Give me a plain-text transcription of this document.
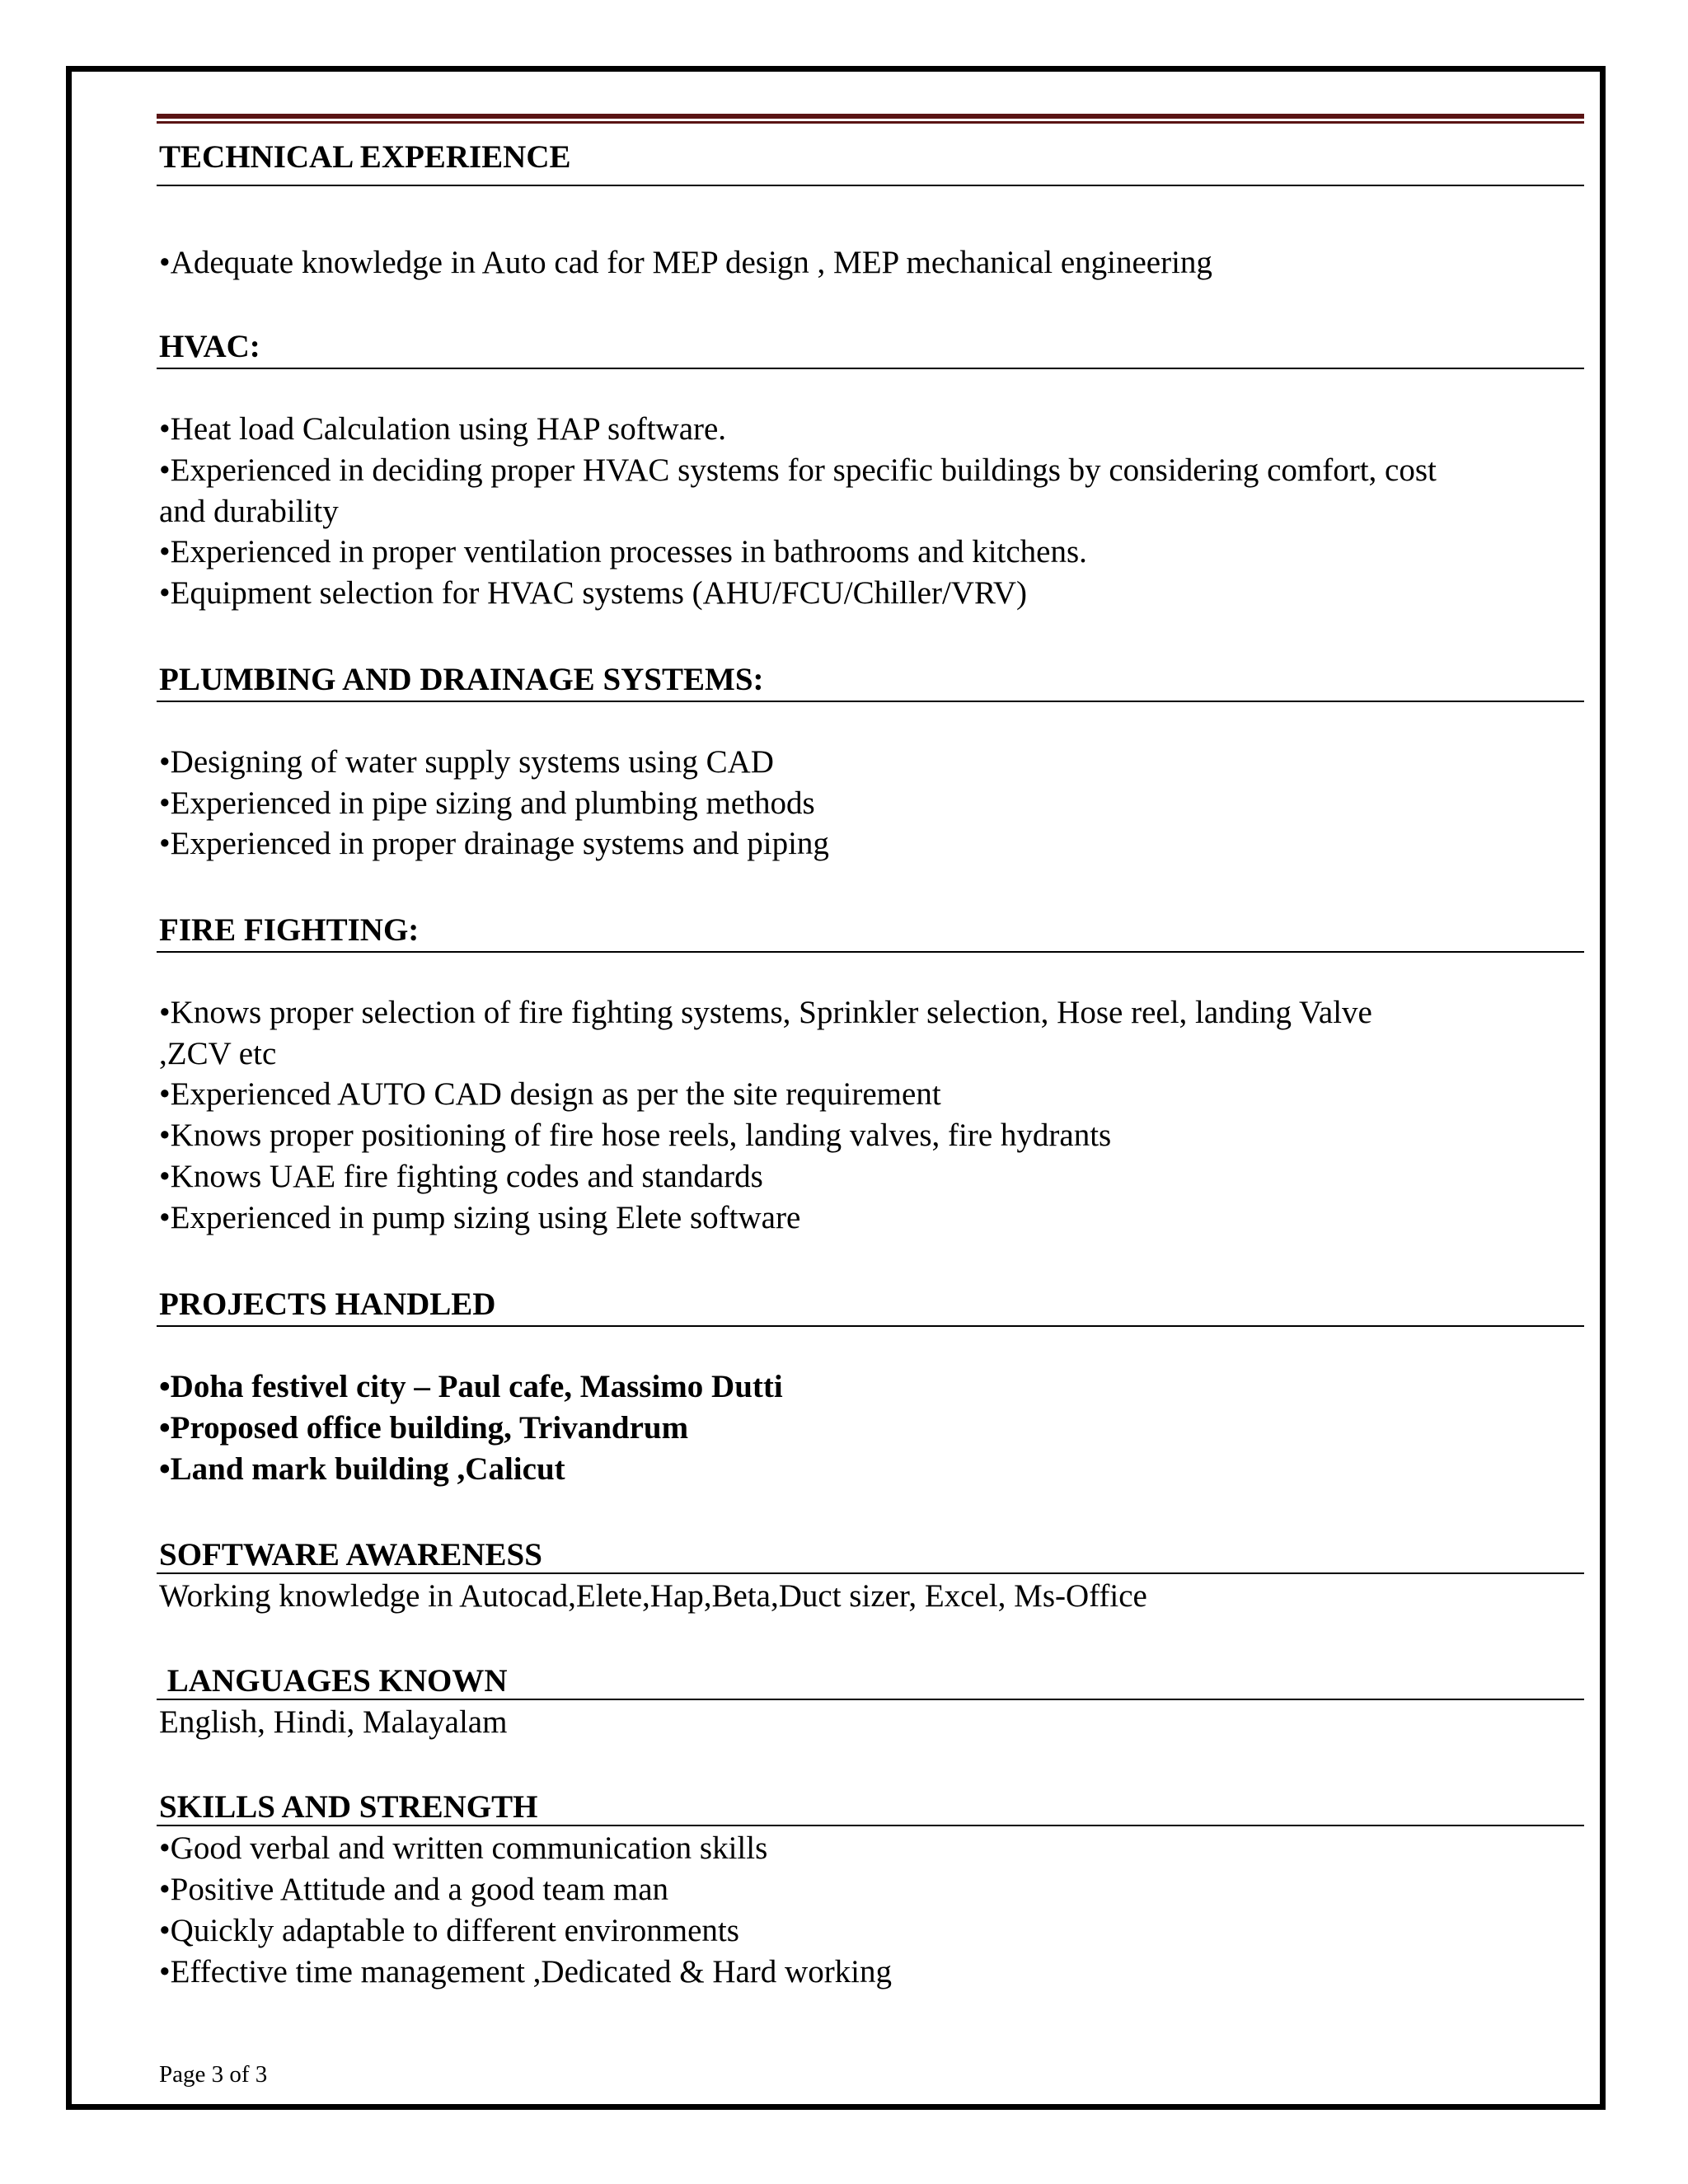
TECHNICAL EXPERIENCE
•Adequate knowledge in Auto cad for MEP design , MEP mechanical engineering
HVAC:
•Heat load Calculation using HAP software.
•Experienced in deciding proper HVAC systems for specific buildings by considering comfort, cost
and durability
•Experienced in proper ventilation processes in bathrooms and kitchens.
•Equipment selection for HVAC systems (AHU/FCU/Chiller/VRV)
PLUMBING AND DRAINAGE SYSTEMS:
•Designing of water supply systems using CAD
•Experienced in pipe sizing and plumbing methods
•Experienced in proper drainage systems and piping
FIRE FIGHTING:
•Knows proper selection of fire fighting systems, Sprinkler selection, Hose reel, landing Valve
,ZCV etc
•Experienced AUTO CAD design as per the site requirement
•Knows proper positioning of fire hose reels, landing valves, fire hydrants
•Knows UAE fire fighting codes and standards
•Experienced in pump sizing using Elete software
PROJECTS HANDLED
•Doha festivel city – Paul cafe, Massimo Dutti
•Proposed office building, Trivandrum
•Land mark building ,Calicut
SOFTWARE AWARENESS
Working knowledge in Autocad,Elete,Hap,Beta,Duct sizer, Excel, Ms-Office
LANGUAGES KNOWN
English, Hindi, Malayalam
SKILLS AND STRENGTH
•Good verbal and written communication skills
•Positive Attitude and a good team man
•Quickly adaptable to different environments
•Effective time management ,Dedicated & Hard working
Page 3 of 3
